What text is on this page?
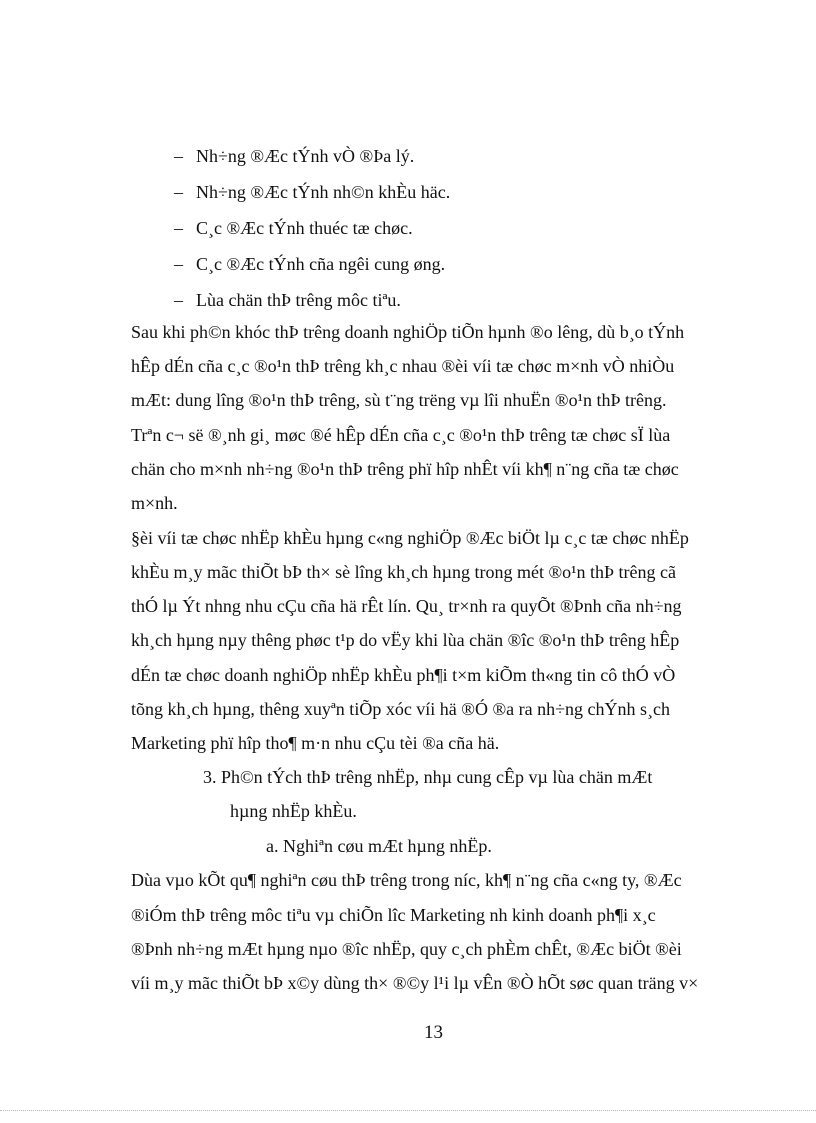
– Nh÷ng ®Æc tÝnh vÒ ®Þa lý.
– Nh÷ng ®Æc tÝnh nh©n khÈu häc.
– C¸c ®Æc tÝnh thuéc tæ chøc.
– C¸c ®Æc tÝnh cña ngêi cung øng.
– Lùa chän thÞ trêng môc tiªu.
Sau khi ph©n khóc thÞ trêng doanh nghiÖp tiÕn hµnh ®o lêng, dù b¸o tÝnh
hÊp dÉn cña c¸c ®o¹n thÞ trêng kh¸c nhau ®èi víi tæ chøc m×nh vÒ nhiÒu
mÆt: dung lîng ®o¹n thÞ trêng, sù t¨ng trëng vµ lîi nhuËn ®o¹n thÞ trêng.
Trªn c¬ së ®¸nh gi¸ møc ®é hÊp dÉn cña c¸c ®o¹n thÞ trêng tæ chøc sÏ lùa
chän cho m×nh nh÷ng ®o¹n thÞ trêng phï hîp nhÊt víi kh¶ n¨ng cña tæ chøc
m×nh.
§èi víi tæ chøc nhËp khÈu hµng c«ng nghiÖp ®Æc biÖt lµ c¸c tæ chøc nhËp
khÈu m¸y mãc thiÕt bÞ th× sè lîng kh¸ch hµng trong mét ®o¹n thÞ trêng cã
thÓ lµ Ýt nhng nhu cÇu cña hä rÊt lín. Qu¸ tr×nh ra quyÕt ®Þnh cña nh÷ng
kh¸ch hµng nµy thêng phøc t¹p do vËy khi lùa chän ®îc ®o¹n thÞ trêng hÊp
dÉn tæ chøc doanh nghiÖp nhËp khÈu ph¶i t×m kiÕm th«ng tin cô thÓ vÒ
tõng kh¸ch hµng, thêng xuyªn tiÕp xóc víi hä ®Ó ®a ra nh÷ng chÝnh s¸ch
Marketing phï hîp tho¶ m·n nhu cÇu tèi ®a cña hä.
3. Ph©n tÝch thÞ trêng nhËp, nhµ cung cÊp vµ lùa chän mÆt
hµng nhËp khÈu.
a. Nghiªn cøu mÆt hµng nhËp.
Dùa vµo kÕt qu¶ nghiªn cøu thÞ trêng trong níc, kh¶ n¨ng cña c«ng ty, ®Æc
®iÓm thÞ trêng môc tiªu vµ chiÕn lîc Marketing nh kinh doanh ph¶i x¸c
®Þnh nh÷ng mÆt hµng nµo ®îc nhËp, quy c¸ch phÈm chÊt, ®Æc biÖt ®èi
víi m¸y mãc thiÕt bÞ x©y dùng th× ®©y l¹i lµ vÊn ®Ò hÕt søc quan träng v×
13
